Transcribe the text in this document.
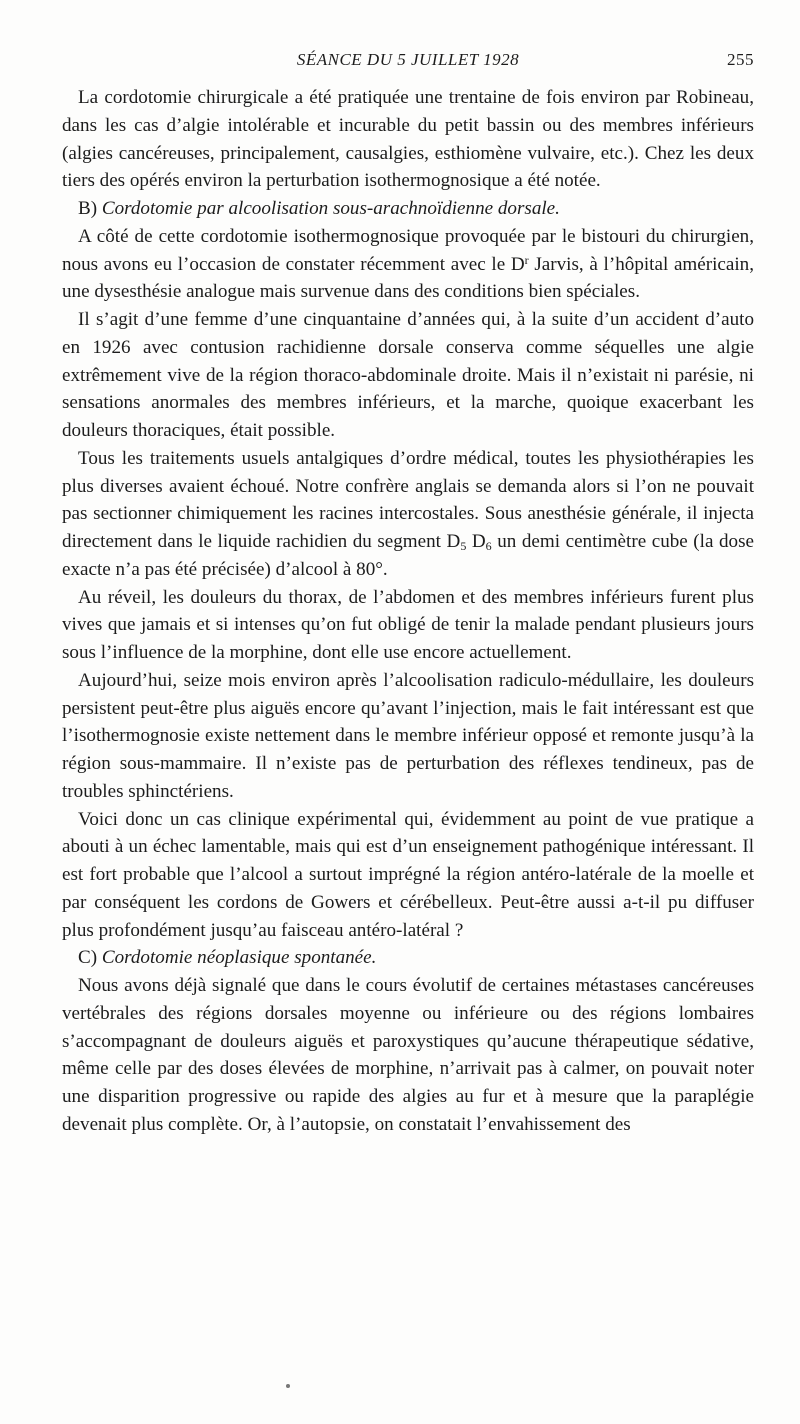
SÉANCE DU 5 JUILLET 1928	255

La cordotomie chirurgicale a été pratiquée une trentaine de fois environ par Robineau, dans les cas d’algie intolérable et incurable du petit bassin ou des membres inférieurs (algies cancéreuses, principalement, causalgies, esthiomène vulvaire, etc.). Chez les deux tiers des opérés environ la perturbation isothermognosique a été notée.

B) Cordotomie par alcoolisation sous-arachnoïdienne dorsale.

A côté de cette cordotomie isothermognosique provoquée par le bistouri du chirurgien, nous avons eu l’occasion de constater récemment avec le $D^r$ Jarvis, à l’hôpital américain, une dysesthésie analogue mais survenue dans des conditions bien spéciales.

Il s’agit d’une femme d’une cinquantaine d’années qui, à la suite d’un accident d’auto en 1926 avec contusion rachidienne dorsale conserva comme séquelles une algie extrêmement vive de la région thoraco-abdominale droite. Mais il n’existait ni parésie, ni sensations anormales des membres inférieurs, et la marche, quoique exacerbant les douleurs thoraciques, était possible.

Tous les traitements usuels antalgiques d’ordre médical, toutes les physiothérapies les plus diverses avaient échoué. Notre confrère anglais se demanda alors si l’on ne pouvait pas sectionner chimiquement les racines intercostales. Sous anesthésie générale, il injecta directement dans le liquide rachidien du segment $D_5$ $D_6$ un demi centimètre cube (la dose exacte n’a pas été précisée) d’alcool à 80°.

Au réveil, les douleurs du thorax, de l’abdomen et des membres inférieurs furent plus vives que jamais et si intenses qu’on fut obligé de tenir la malade pendant plusieurs jours sous l’influence de la morphine, dont elle use encore actuellement.

Aujourd’hui, seize mois environ après l’alcoolisation radiculo-médullaire, les douleurs persistent peut-être plus aiguës encore qu’avant l’injection, mais le fait intéressant est que l’isothermognosie existe nettement dans le membre inférieur opposé et remonte jusqu’à la région sous-mammaire. Il n’existe pas de perturbation des réflexes tendineux, pas de troubles sphinctériens.

Voici donc un cas clinique expérimental qui, évidemment au point de vue pratique a abouti à un échec lamentable, mais qui est d’un enseignement pathogénique intéressant. Il est fort probable que l’alcool a surtout imprégné la région antéro-latérale de la moelle et par conséquent les cordons de Gowers et cérébelleux. Peut-être aussi a-t-il pu diffuser plus profondément jusqu’au faisceau antéro-latéral ?

C) Cordotomie néoplasique spontanée.

Nous avons déjà signalé que dans le cours évolutif de certaines métastases cancéreuses vertébrales des régions dorsales moyenne ou inférieure ou des régions lombaires s’accompagnant de douleurs aiguës et paroxystiques qu’aucune thérapeutique sédative, même celle par des doses élevées de morphine, n’arrivait pas à calmer, on pouvait noter une disparition progressive ou rapide des algies au fur et à mesure que la paraplégie devenait plus complète. Or, à l’autopsie, on constatait l’envahissement des
